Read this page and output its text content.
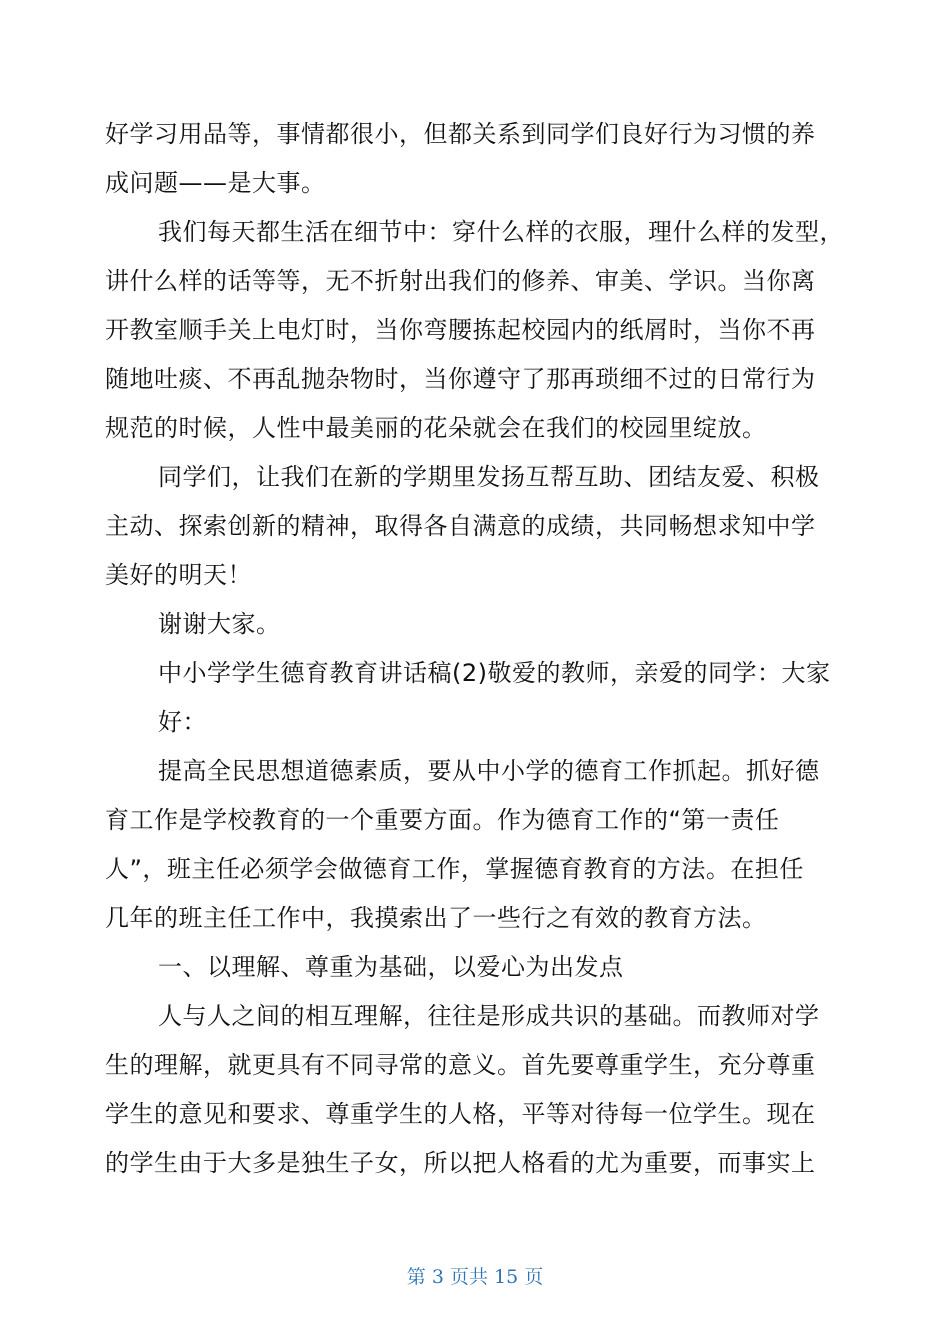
好学习用品等，事情都很小，但都关系到同学们良好行为习惯的养
成问题——是大事。
我们每天都生活在细节中：穿什么样的衣服，理什么样的发型，
讲什么样的话等等，无不折射出我们的修养、审美、学识。当你离
开教室顺手关上电灯时，当你弯腰拣起校园内的纸屑时，当你不再
随地吐痰、不再乱抛杂物时，当你遵守了那再琐细不过的日常行为
规范的时候，人性中最美丽的花朵就会在我们的校园里绽放。
同学们，让我们在新的学期里发扬互帮互助、团结友爱、积极
主动、探索创新的精神，取得各自满意的成绩，共同畅想求知中学
美好的明天！
谢谢大家。
中小学学生德育教育讲话稿(2)敬爱的教师，亲爱的同学：大家
好：
提高全民思想道德素质，要从中小学的德育工作抓起。抓好德
育工作是学校教育的一个重要方面。作为德育工作的“第一责任
人”，班主任必须学会做德育工作，掌握德育教育的方法。在担任
几年的班主任工作中，我摸索出了一些行之有效的教育方法。
一、以理解、尊重为基础，以爱心为出发点
人与人之间的相互理解，往往是形成共识的基础。而教师对学
生的理解，就更具有不同寻常的意义。首先要尊重学生，充分尊重
学生的意见和要求、尊重学生的人格，平等对待每一位学生。现在
的学生由于大多是独生子女，所以把人格看的尤为重要，而事实上
第 3 页共 15 页
